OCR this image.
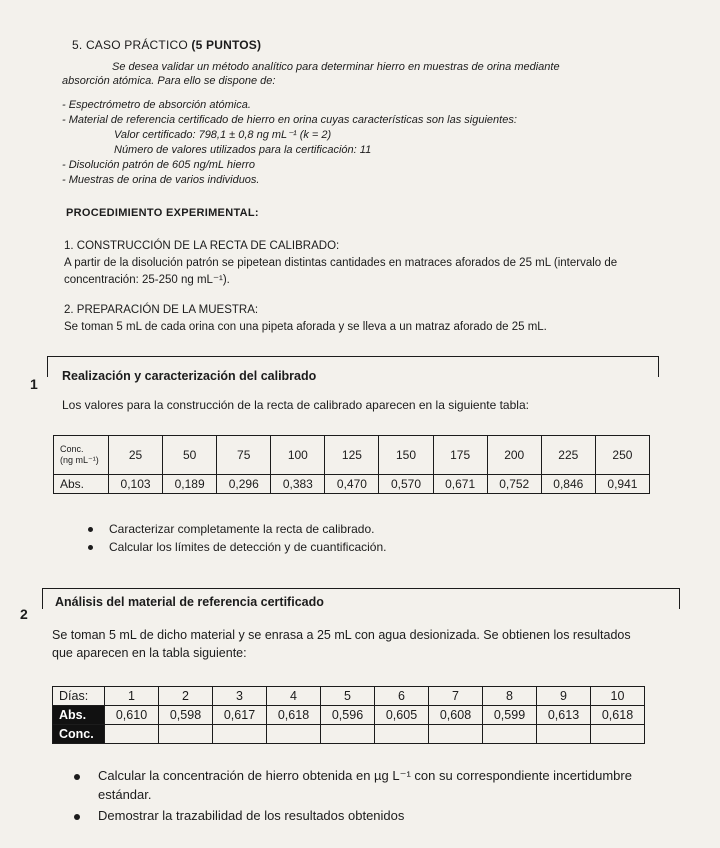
5. CASO PRÁCTICO (5 PUNTOS)
Se desea validar un método analítico para determinar hierro en muestras de orina mediante absorción atómica. Para ello se dispone de:
- Espectrómetro de absorción atómica.
- Material de referencia certificado de hierro en orina cuyas características son las siguientes:
Valor certificado: 798,1 ± 0,8 ng mL⁻¹ (k = 2)
Número de valores utilizados para la certificación: 11
- Disolución patrón de 605 ng/mL hierro
- Muestras de orina de varios individuos.
PROCEDIMIENTO EXPERIMENTAL:
1. CONSTRUCCIÓN DE LA RECTA DE CALIBRADO:
A partir de la disolución patrón se pipetean distintas cantidades en matraces aforados de 25 mL (intervalo de concentración: 25-250 ng mL⁻¹).
2. PREPARACIÓN DE LA MUESTRA:
Se toman 5 mL de cada orina con una pipeta aforada y se lleva a un matraz aforado de 25 mL.
1 Realización y caracterización del calibrado
Los valores para la construcción de la recta de calibrado aparecen en la siguiente tabla:
Conc.
(ng mL⁻¹)	25	50	75	100	125	150	175	200	225	250
Abs.	0,103	0,189	0,296	0,383	0,470	0,570	0,671	0,752	0,846	0,941
Caracterizar completamente la recta de calibrado.
Calcular los límites de detección y de cuantificación.
2
Análisis del material de referencia certificado
Se toman 5 mL de dicho material y se enrasa a 25 mL con agua desionizada. Se obtienen los resultados que aparecen en la tabla siguiente:
Días:	1	2	3	4	5	6	7	8	9	10
Abs.	0,610	0,598	0,617	0,618	0,596	0,605	0,608	0,599	0,613	0,618
Conc.										
Calcular la concentración de hierro obtenida en µg L⁻¹ con su correspondiente incertidumbre estándar.
Demostrar la trazabilidad de los resultados obtenidos
